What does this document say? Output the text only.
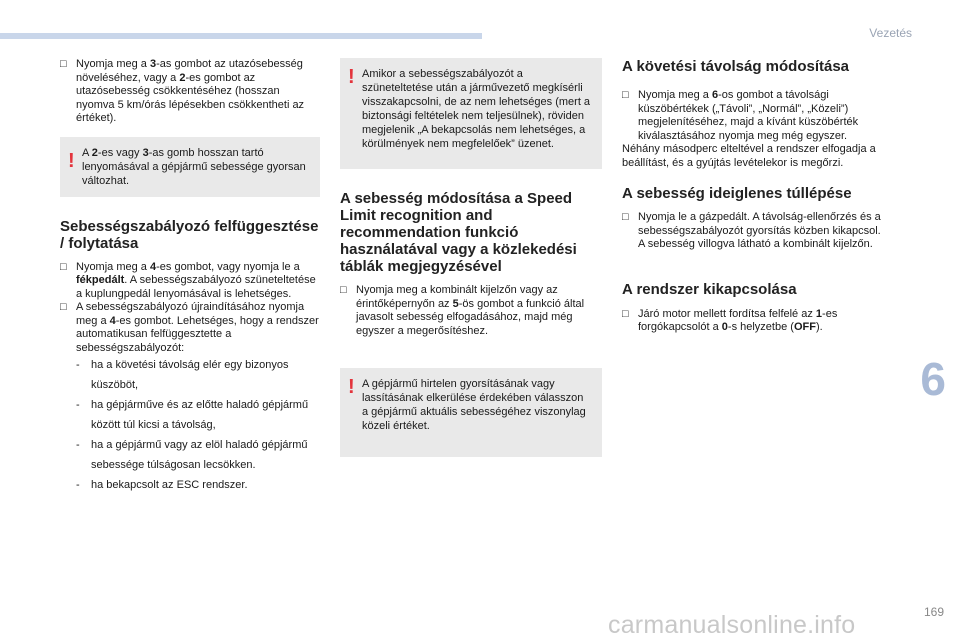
Vezetés

□ Nyomja meg a 3-as gombot az utazósebesség növeléséhez, vagy a 2-es gombot az utazósebesség csökkentéséhez (hosszan nyomva 5 km/órás lépésekben csökkentheti az értéket).

! A 2-es vagy 3-as gomb hosszan tartó lenyomásával a gépjármű sebessége gyorsan változhat.
Sebességszabályozó felfüggesztése / folytatása

□ Nyomja meg a 4-es gombot, vagy nyomja le a fékpedált. A sebességszabályozó szüneteltetése a kuplungpedál lenyomásával is lehetséges.

□ A sebességszabályozó újraindításához nyomja meg a 4-es gombot. Lehetséges, hogy a rendszer automatikusan felfüggesztette a sebességszabályozót:

- ha a követési távolság elér egy bizonyos küszöböt,
- ha gépjárműve és az előtte haladó gépjármű között túl kicsi a távolság,
- ha a gépjármű vagy az elöl haladó gépjármű sebessége túlságosan lecsökken.
- ha bekapcsolt az ESC rendszer.
! Amikor a sebességszabályozót a szüneteltetése után a járművezető megkísérli visszakapcsolni, de az nem lehetséges (mert a biztonsági feltételek nem teljesülnek), röviden megjelenik „A bekapcsolás nem lehetséges, a körülmények nem megfelelőek” üzenet.
A sebesség módosítása a Speed Limit recognition and recommendation funkció használatával vagy a közlekedési táblák megjegyzésével

□ Nyomja meg a kombinált kijelzőn vagy az érintőképernyőn az 5-ös gombot a funkció által javasolt sebesség elfogadásához, majd még egyszer a megerősítéshez.

! A gépjármű hirtelen gyorsításának vagy lassításának elkerülése érdekében válasszon a gépjármű aktuális sebességéhez viszonylag közeli értéket.
A követési távolság módosítása

□ Nyomja meg a 6-os gombot a távolsági küszöbértékek („Távoli”, „Normál”, „Közeli”) megjelenítéséhez, majd a kívánt küszöbérték kiválasztásához nyomja meg még egyszer.

Néhány másodperc elteltével a rendszer elfogadja a beállítást, és a gyújtás levételekor is megőrzi.

A sebesség ideiglenes túllépése

□ Nyomja le a gázpedált. A távolság-ellenőrzés és a sebességszabályozót gyorsítás közben kikapcsol. A sebesség villogva látható a kombinált kijelzőn.

A rendszer kikapcsolása

□ Járó motor mellett fordítsa felfelé az 1-es forgókapcsolót a 0-s helyzetbe (OFF).

6
169
carmanualsonline.info
